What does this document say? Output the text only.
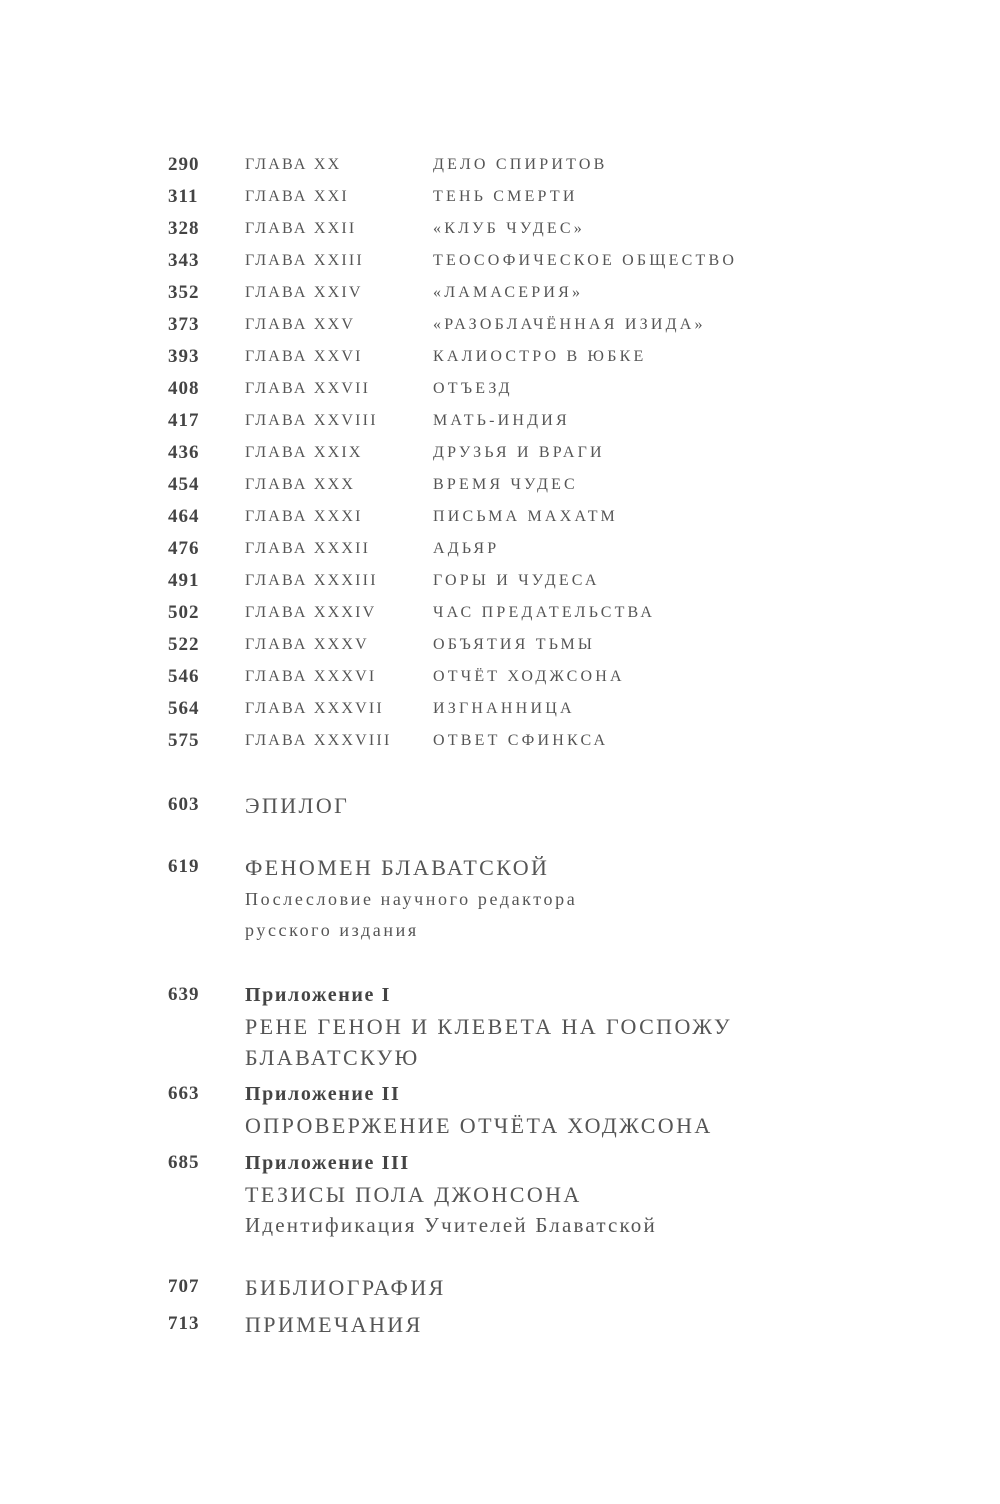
290	ГЛАВА XX	ДЕЛО СПИРИТОВ
311	ГЛАВА XXI	ТЕНЬ СМЕРТИ
328	ГЛАВА XXII	«КЛУБ ЧУДЕС»
343	ГЛАВА XXIII	ТЕОСОФИЧЕСКОЕ ОБЩЕСТВО
352	ГЛАВА XXIV	«ЛАМАСЕРИЯ»
373	ГЛАВА XXV	«РАЗОБЛАЧЁННАЯ ИЗИДА»
393	ГЛАВА XXVI	КАЛИОСТРО В ЮБКЕ
408	ГЛАВА XXVII	ОТЪЕЗД
417	ГЛАВА XXVIII	МАТЬ-ИНДИЯ
436	ГЛАВА XXIX	ДРУЗЬЯ И ВРАГИ
454	ГЛАВА XXX	ВРЕМЯ ЧУДЕС
464	ГЛАВА XXXI	ПИСЬМА МАХАТМ
476	ГЛАВА XXXII	АДЬЯР
491	ГЛАВА XXXIII	ГОРЫ И ЧУДЕСА
502	ГЛАВА XXXIV	ЧАС ПРЕДАТЕЛЬСТВА
522	ГЛАВА XXXV	ОБЪЯТИЯ ТЬМЫ
546	ГЛАВА XXXVI	ОТЧЁТ ХОДЖСОНА
564	ГЛАВА XXXVII	ИЗГНАННИЦА
575	ГЛАВА XXXVIII	ОТВЕТ СФИНКСА
603	ЭПИЛОГ
619	ФЕНОМЕН БЛАВАТСКОЙ
Послесловие научного редактора
русского издания
639	Приложение I
РЕНЕ ГЕНОН И КЛЕВЕТА НА ГОСПОЖУ
БЛАВАТСКУЮ
663	Приложение II
ОПРОВЕРЖЕНИЕ ОТЧЁТА ХОДЖСОНА
685	Приложение III
ТЕЗИСЫ ПОЛА ДЖОНСОНА
Идентификация Учителей Блаватской
707	БИБЛИОГРАФИЯ
713	ПРИМЕЧАНИЯ
